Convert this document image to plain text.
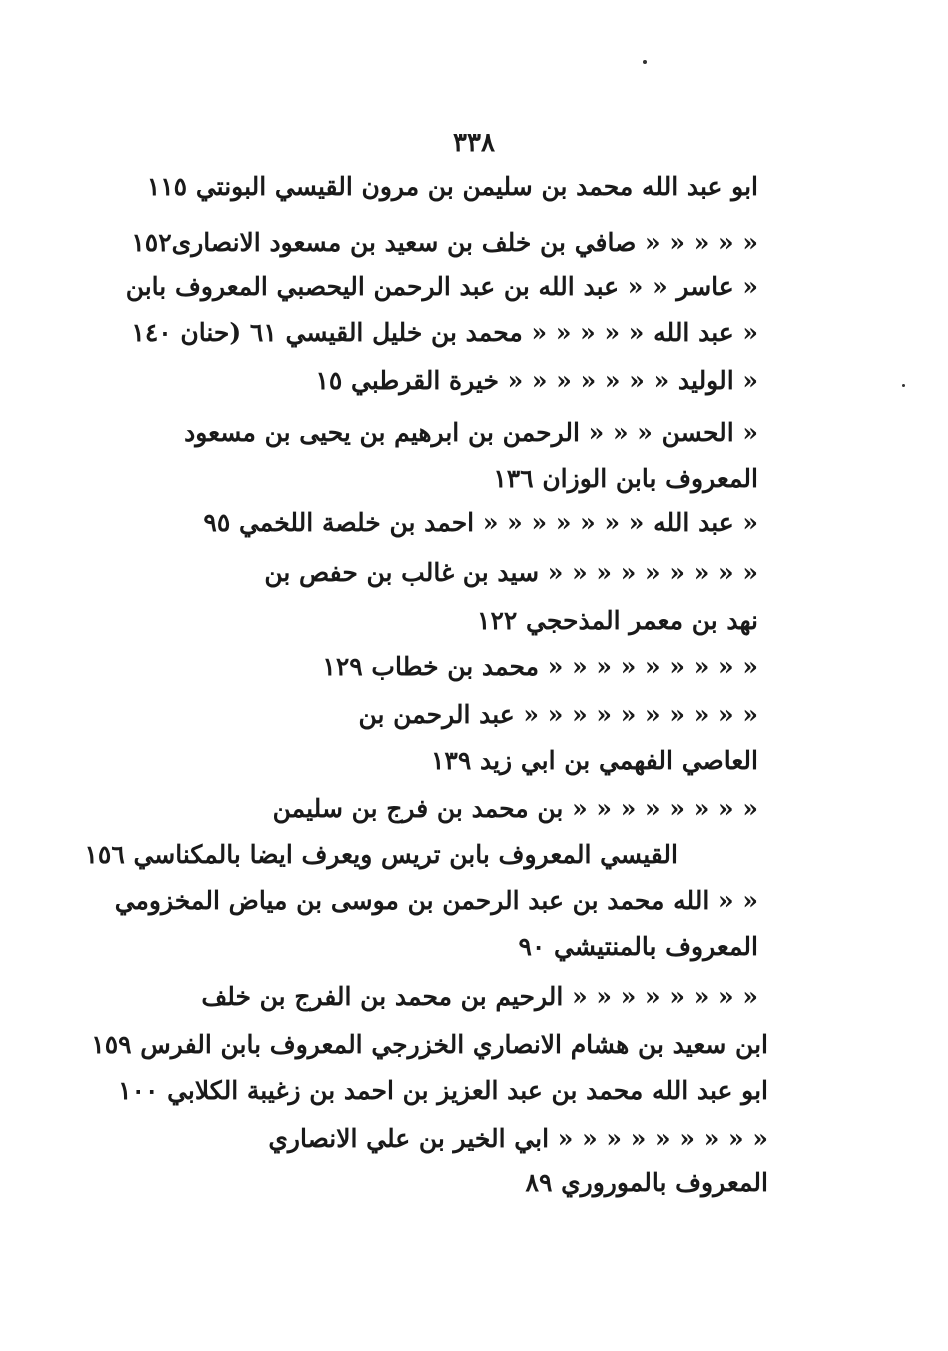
٣٣٨
ابو عبد الله محمد بن سليمن بن مرون القيسي البونتي ١١٥
« « « « « صافي بن خلف بن سعيد بن مسعود الانصارى١٥٢
« عاسر « « عبد الله بن عبد الرحمن اليحصبي المعروف بابن
« عبد الله « « « « « محمد بن خليل القيسي ٦١ (حنان ١٤٠
« الوليد « « « « « « « خيرة القرطبي ١٥
« الحسن « « « الرحمن بن ابرهيم بن يحيى بن مسعود
المعروف بابن الوزان ١٣٦
« عبد الله « « « « « « « احمد بن خلصة اللخمي ٩٥
« « « « « « « « « سيد بن غالب بن حفص بن
نهد بن معمر المذحجي ١٢٢
« « « « « « « « « محمد بن خطاب ١٢٩
« « « « « « « « « « عبد الرحمن بن
العاصي الفهمي بن ابي زيد ١٣٩
« « « « « « « « بن محمد بن فرج بن سليمن
القيسي المعروف بابن تريس ويعرف ايضا بالمكناسي ١٥٦
« « الله محمد بن عبد الرحمن بن موسى بن مياض المخزومي
المعروف بالمنتيشي ٩٠
« « « « « « « « الرحيم بن محمد بن الفرج بن خلف
ابن سعيد بن هشام الانصاري الخزرجي المعروف بابن الفرس ١٥٩
ابو عبد الله محمد بن عبد العزيز بن احمد بن زغيبة الكلابي ١٠٠
« « « « « « « « « ابي الخير بن علي الانصاري
المعروف بالموروري ٨٩
